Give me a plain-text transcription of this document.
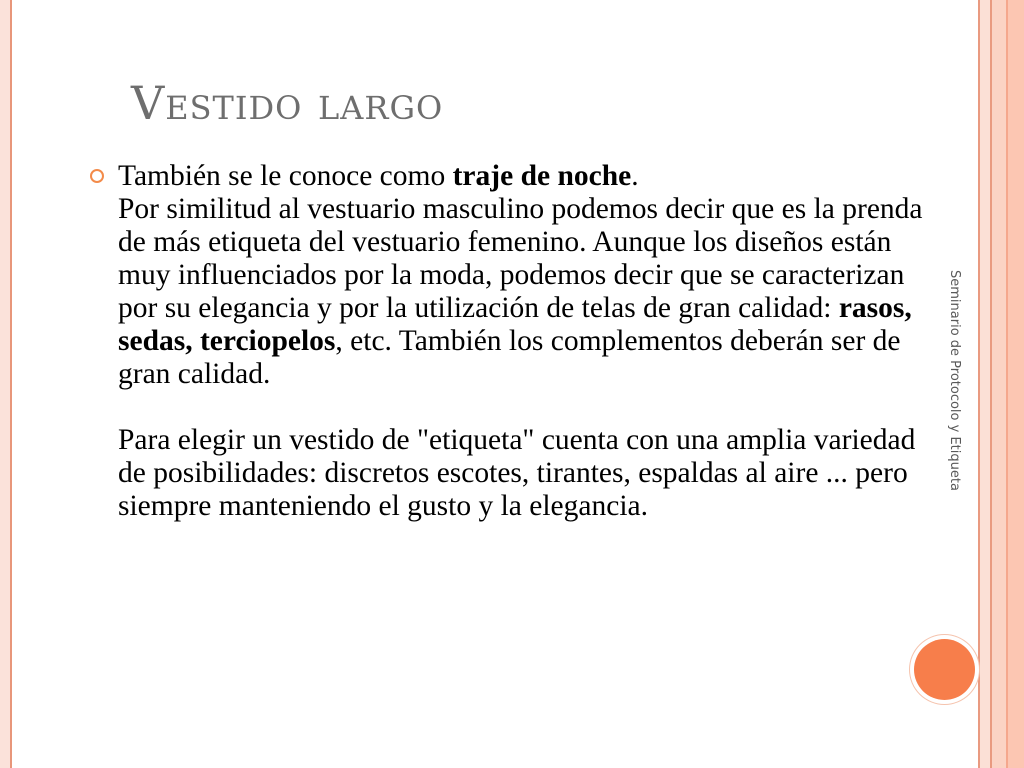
Vestido largo

También se le conoce como traje de noche.

Por similitud al vestuario masculino podemos decir que es la prenda de más etiqueta del vestuario femenino. Aunque los diseños están muy influenciados por la moda, podemos decir que se caracterizan por su elegancia y por la utilización de telas de gran calidad: rasos, sedas, terciopelos, etc. También los complementos deberán ser de gran calidad.

Para elegir un vestido de "etiqueta" cuenta con una amplia variedad de posibilidades: discretos escotes, tirantes, espaldas al aire ... pero siempre manteniendo el gusto y la elegancia.

Seminario de Protocolo y Etiqueta
